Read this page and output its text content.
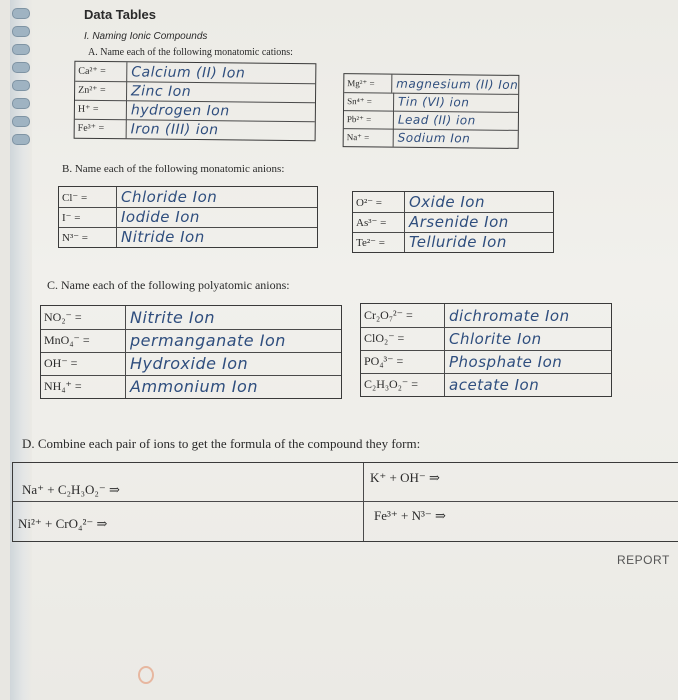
Data Tables
I. Naming Ionic Compounds
A. Name each of the following monatomic cations:
Ca²⁺ =	Calcium (II) Ion
Zn²⁺ =	Zinc Ion
H⁺ =	hydrogen Ion
Fe³⁺ =	Iron (III) ion
Mg²⁺ =	magnesium (II) Ion
Sn⁴⁺ =	Tin (VI) ion
Pb²⁺ =	Lead (II) ion
Na⁺ =	Sodium Ion
B. Name each of the following monatomic anions:
Cl⁻ =	Chloride Ion
I⁻ =	Iodide Ion
N³⁻ =	Nitride Ion
O²⁻ =	Oxide Ion
As³⁻ =	Arsenide Ion
Te²⁻ =	Telluride Ion
C. Name each of the following polyatomic anions:
NO₂⁻ =	Nitrite Ion
MnO₄⁻ =	permanganate Ion
OH⁻ =	Hydroxide Ion
NH₄⁺ =	Ammonium Ion
Cr₂O₇²⁻ =	dichromate Ion
ClO₂⁻ =	Chlorite Ion
PO₄³⁻ =	Phosphate Ion
C₂H₃O₂⁻ =	acetate Ion
D. Combine each pair of ions to get the formula of the compound they form:
Na⁺ + C₂H₃O₂⁻ ⇒
K⁺ + OH⁻ ⇒
Ni²⁺ + CrO₄²⁻ ⇒
Fe³⁺ + N³⁻ ⇒
REPORT
